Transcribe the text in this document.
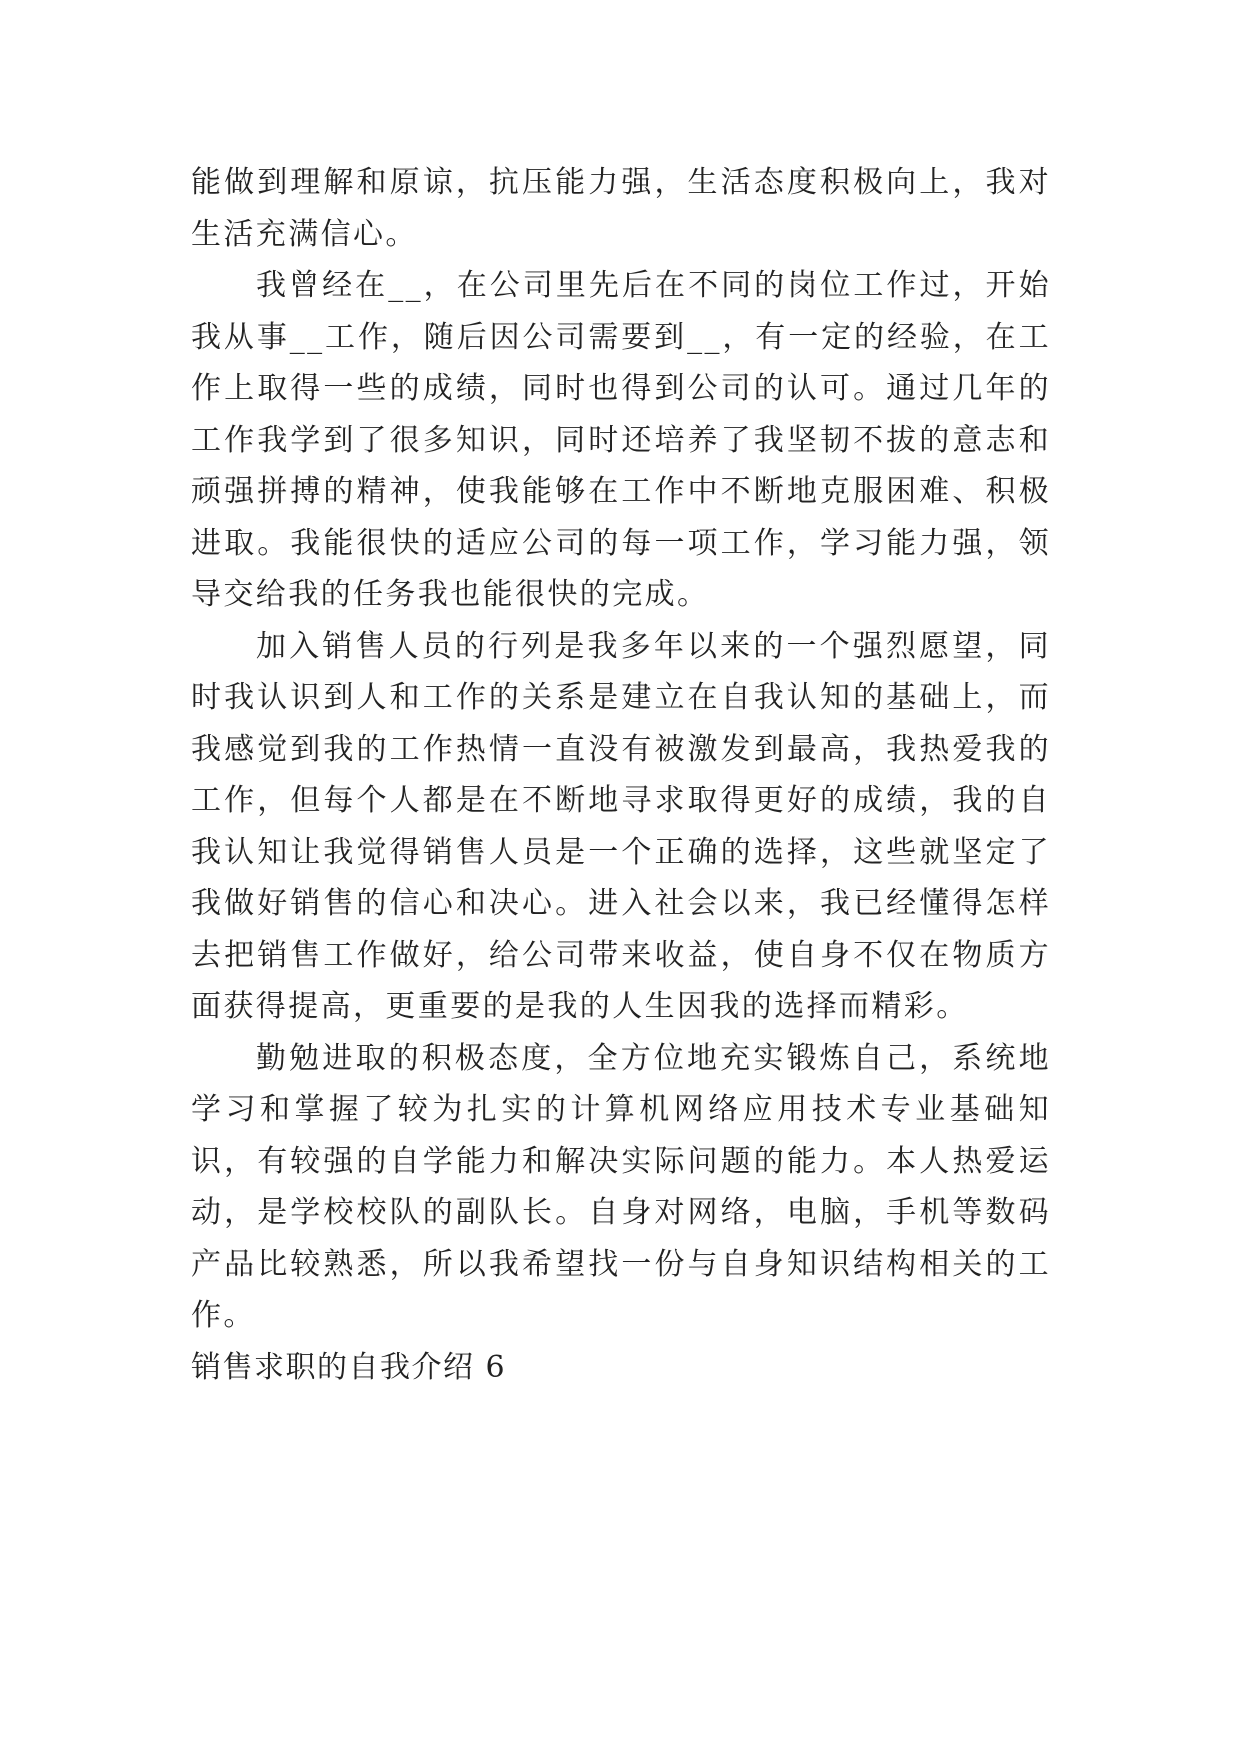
能做到理解和原谅，抗压能力强，生活态度积极向上，我对生活充满信心。

我曾经在__，在公司里先后在不同的岗位工作过，开始我从事__工作，随后因公司需要到__，有一定的经验，在工作上取得一些的成绩，同时也得到公司的认可。通过几年的工作我学到了很多知识，同时还培养了我坚韧不拔的意志和顽强拼搏的精神，使我能够在工作中不断地克服困难、积极进取。我能很快的适应公司的每一项工作，学习能力强，领导交给我的任务我也能很快的完成。

加入销售人员的行列是我多年以来的一个强烈愿望，同时我认识到人和工作的关系是建立在自我认知的基础上，而我感觉到我的工作热情一直没有被激发到最高，我热爱我的工作，但每个人都是在不断地寻求取得更好的成绩，我的自我认知让我觉得销售人员是一个正确的选择，这些就坚定了我做好销售的信心和决心。进入社会以来，我已经懂得怎样去把销售工作做好，给公司带来收益，使自身不仅在物质方面获得提高，更重要的是我的人生因我的选择而精彩。

勤勉进取的积极态度，全方位地充实锻炼自己，系统地学习和掌握了较为扎实的计算机网络应用技术专业基础知识，有较强的自学能力和解决实际问题的能力。本人热爱运动，是学校校队的副队长。自身对网络，电脑，手机等数码产品比较熟悉，所以我希望找一份与自身知识结构相关的工作。

销售求职的自我介绍 6
